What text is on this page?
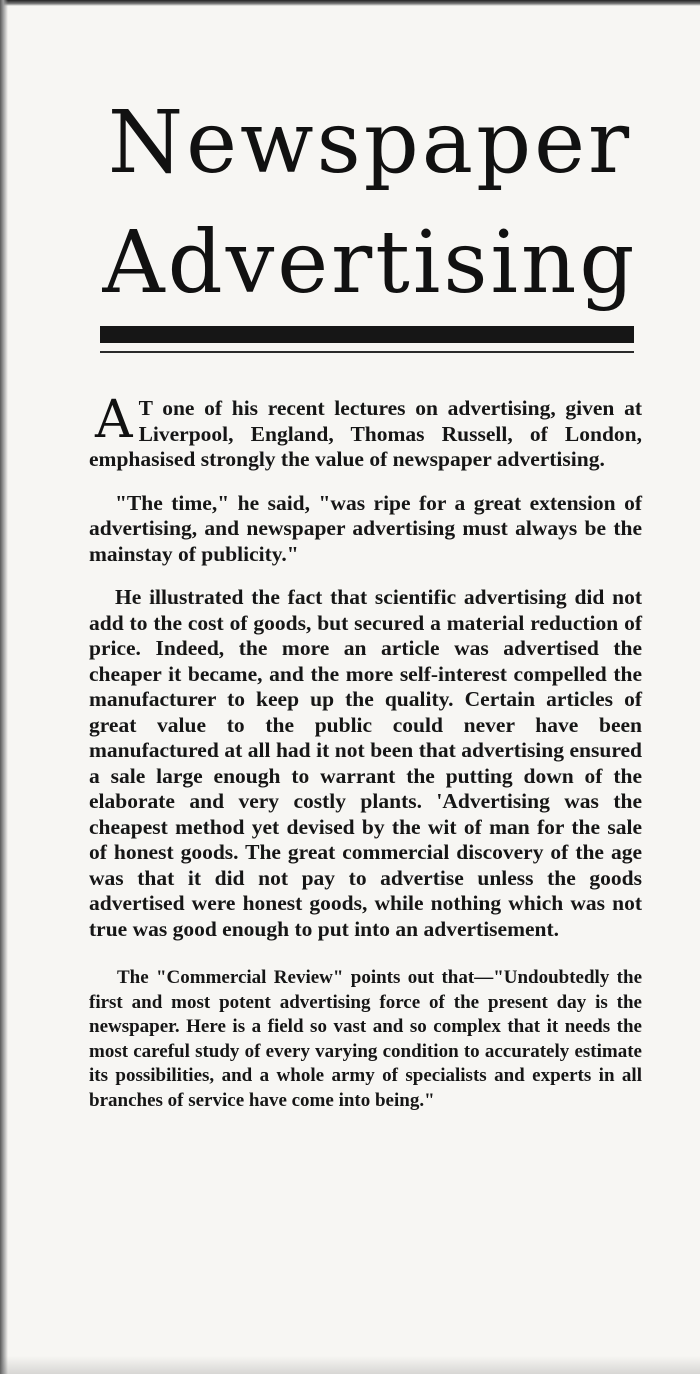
Newspaper
Advertising

A T one of his recent lectures on advertising, given at Liverpool, England, Thomas Russell, of London, emphasised strongly the value of newspaper advertising.

"The time," he said, "was ripe for a great extension of advertising, and newspaper advertising must always be the mainstay of publicity."

He illustrated the fact that scientific advertising did not add to the cost of goods, but secured a material reduction of price. Indeed, the more an article was advertised the cheaper it became, and the more self-interest compelled the manufacturer to keep up the quality. Certain articles of great value to the public could never have been manufactured at all had it not been that advertising ensured a sale large enough to warrant the putting down of the elaborate and very costly plants. 'Advertising was the cheapest method yet devised by the wit of man for the sale of honest goods. The great commercial discovery of the age was that it did not pay to advertise unless the goods advertised were honest goods, while nothing which was not true was good enough to put into an advertisement.

The "Commercial Review" points out that—"Undoubtedly the first and most potent advertising force of the present day is the newspaper. Here is a field so vast and so complex that it needs the most careful study of every varying condition to accurately estimate its possibilities, and a whole army of specialists and experts in all branches of service have come into being."
